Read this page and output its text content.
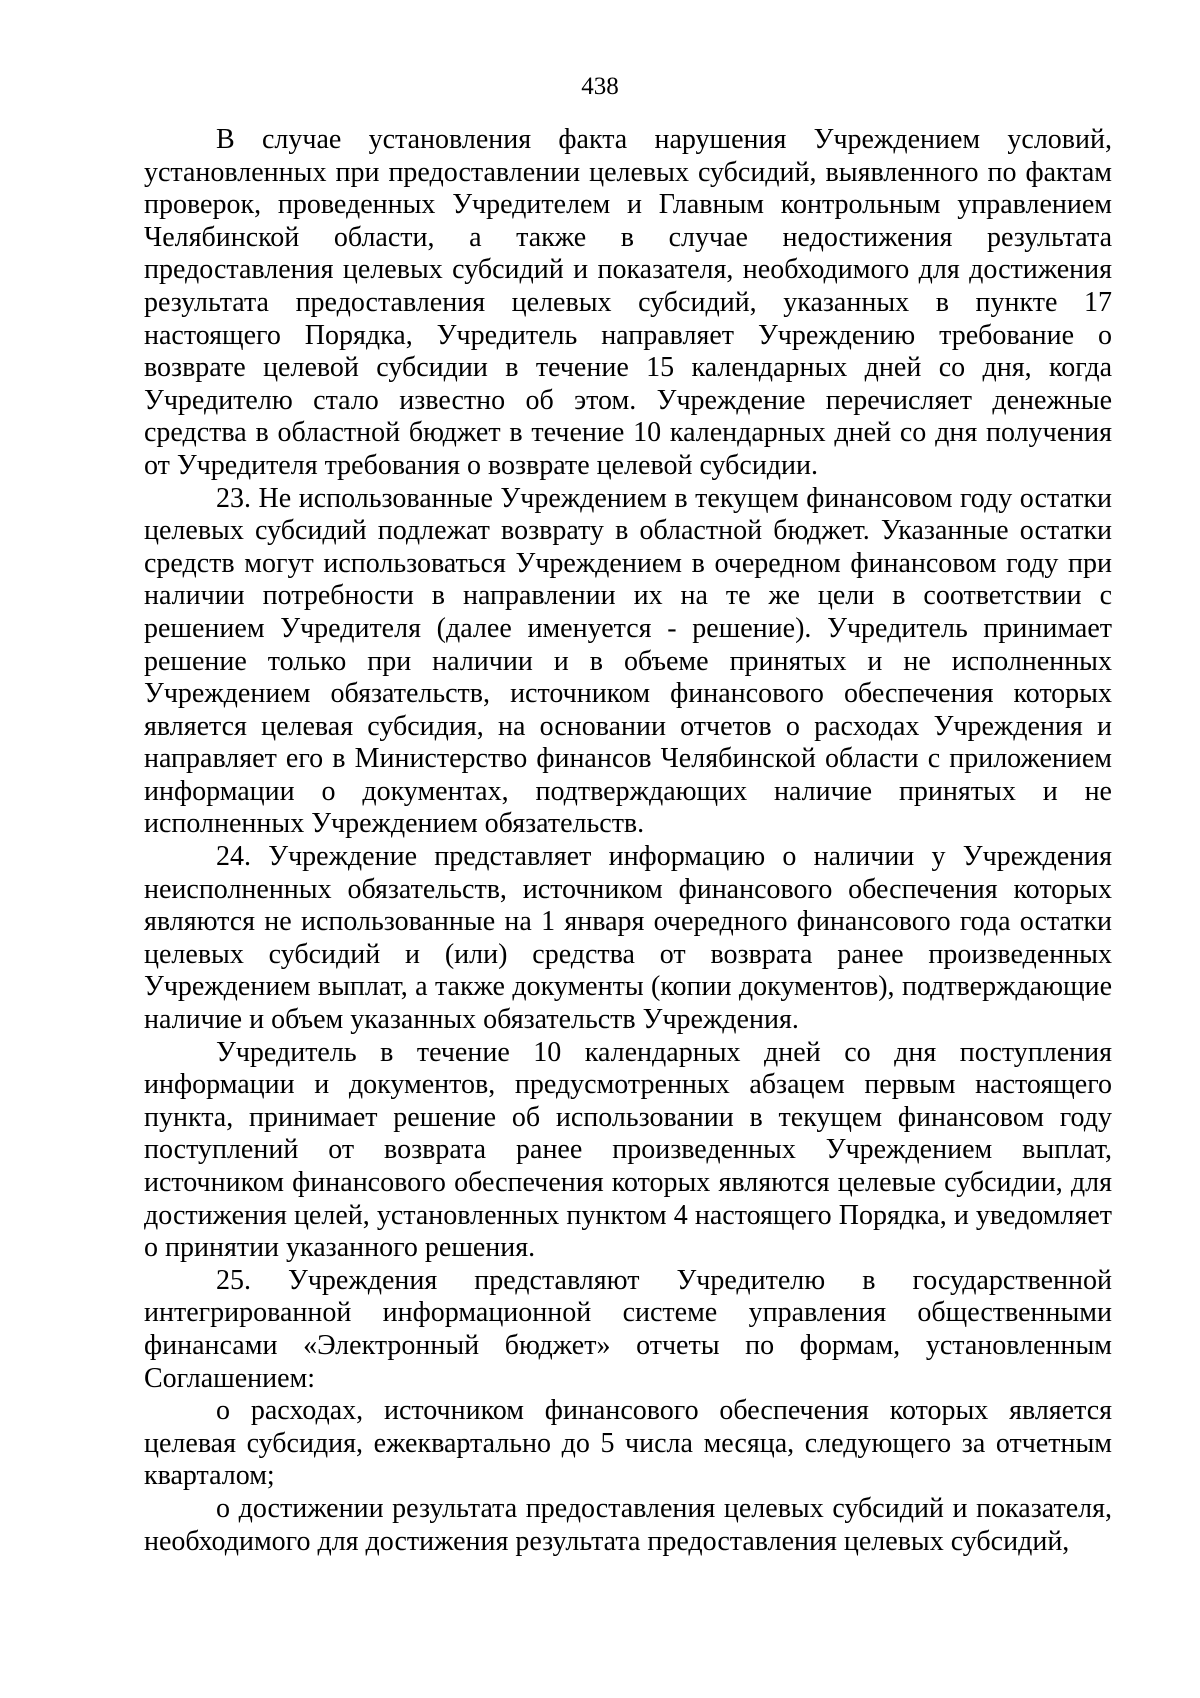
438

В случае установления факта нарушения Учреждением условий, установленных при предоставлении целевых субсидий, выявленного по фактам проверок, проведенных Учредителем и Главным контрольным управлением Челябинской области, а также в случае недостижения результата предоставления целевых субсидий и показателя, необходимого для достижения результата предоставления целевых субсидий, указанных в пункте 17 настоящего Порядка, Учредитель направляет Учреждению требование о возврате целевой субсидии в течение 15 календарных дней со дня, когда Учредителю стало известно об этом. Учреждение перечисляет денежные средства в областной бюджет в течение 10 календарных дней со дня получения от Учредителя требования о возврате целевой субсидии.

23. Не использованные Учреждением в текущем финансовом году остатки целевых субсидий подлежат возврату в областной бюджет. Указанные остатки средств могут использоваться Учреждением в очередном финансовом году при наличии потребности в направлении их на те же цели в соответствии с решением Учредителя (далее именуется - решение). Учредитель принимает решение только при наличии и в объеме принятых и не исполненных Учреждением обязательств, источником финансового обеспечения которых является целевая субсидия, на основании отчетов о расходах Учреждения и направляет его в Министерство финансов Челябинской области с приложением информации о документах, подтверждающих наличие принятых и не исполненных Учреждением обязательств.

24. Учреждение представляет информацию о наличии у Учреждения неисполненных обязательств, источником финансового обеспечения которых являются не использованные на 1 января очередного финансового года остатки целевых субсидий и (или) средства от возврата ранее произведенных Учреждением выплат, а также документы (копии документов), подтверждающие наличие и объем указанных обязательств Учреждения.

Учредитель в течение 10 календарных дней со дня поступления информации и документов, предусмотренных абзацем первым настоящего пункта, принимает решение об использовании в текущем финансовом году поступлений от возврата ранее произведенных Учреждением выплат, источником финансового обеспечения которых являются целевые субсидии, для достижения целей, установленных пунктом 4 настоящего Порядка, и уведомляет о принятии указанного решения.

25. Учреждения представляют Учредителю в государственной интегрированной информационной системе управления общественными финансами «Электронный бюджет» отчеты по формам, установленным Соглашением:

о расходах, источником финансового обеспечения которых является целевая субсидия, ежеквартально до 5 числа месяца, следующего за отчетным кварталом;

о достижении результата предоставления целевых субсидий и показателя, необходимого для достижения результата предоставления целевых субсидий,
